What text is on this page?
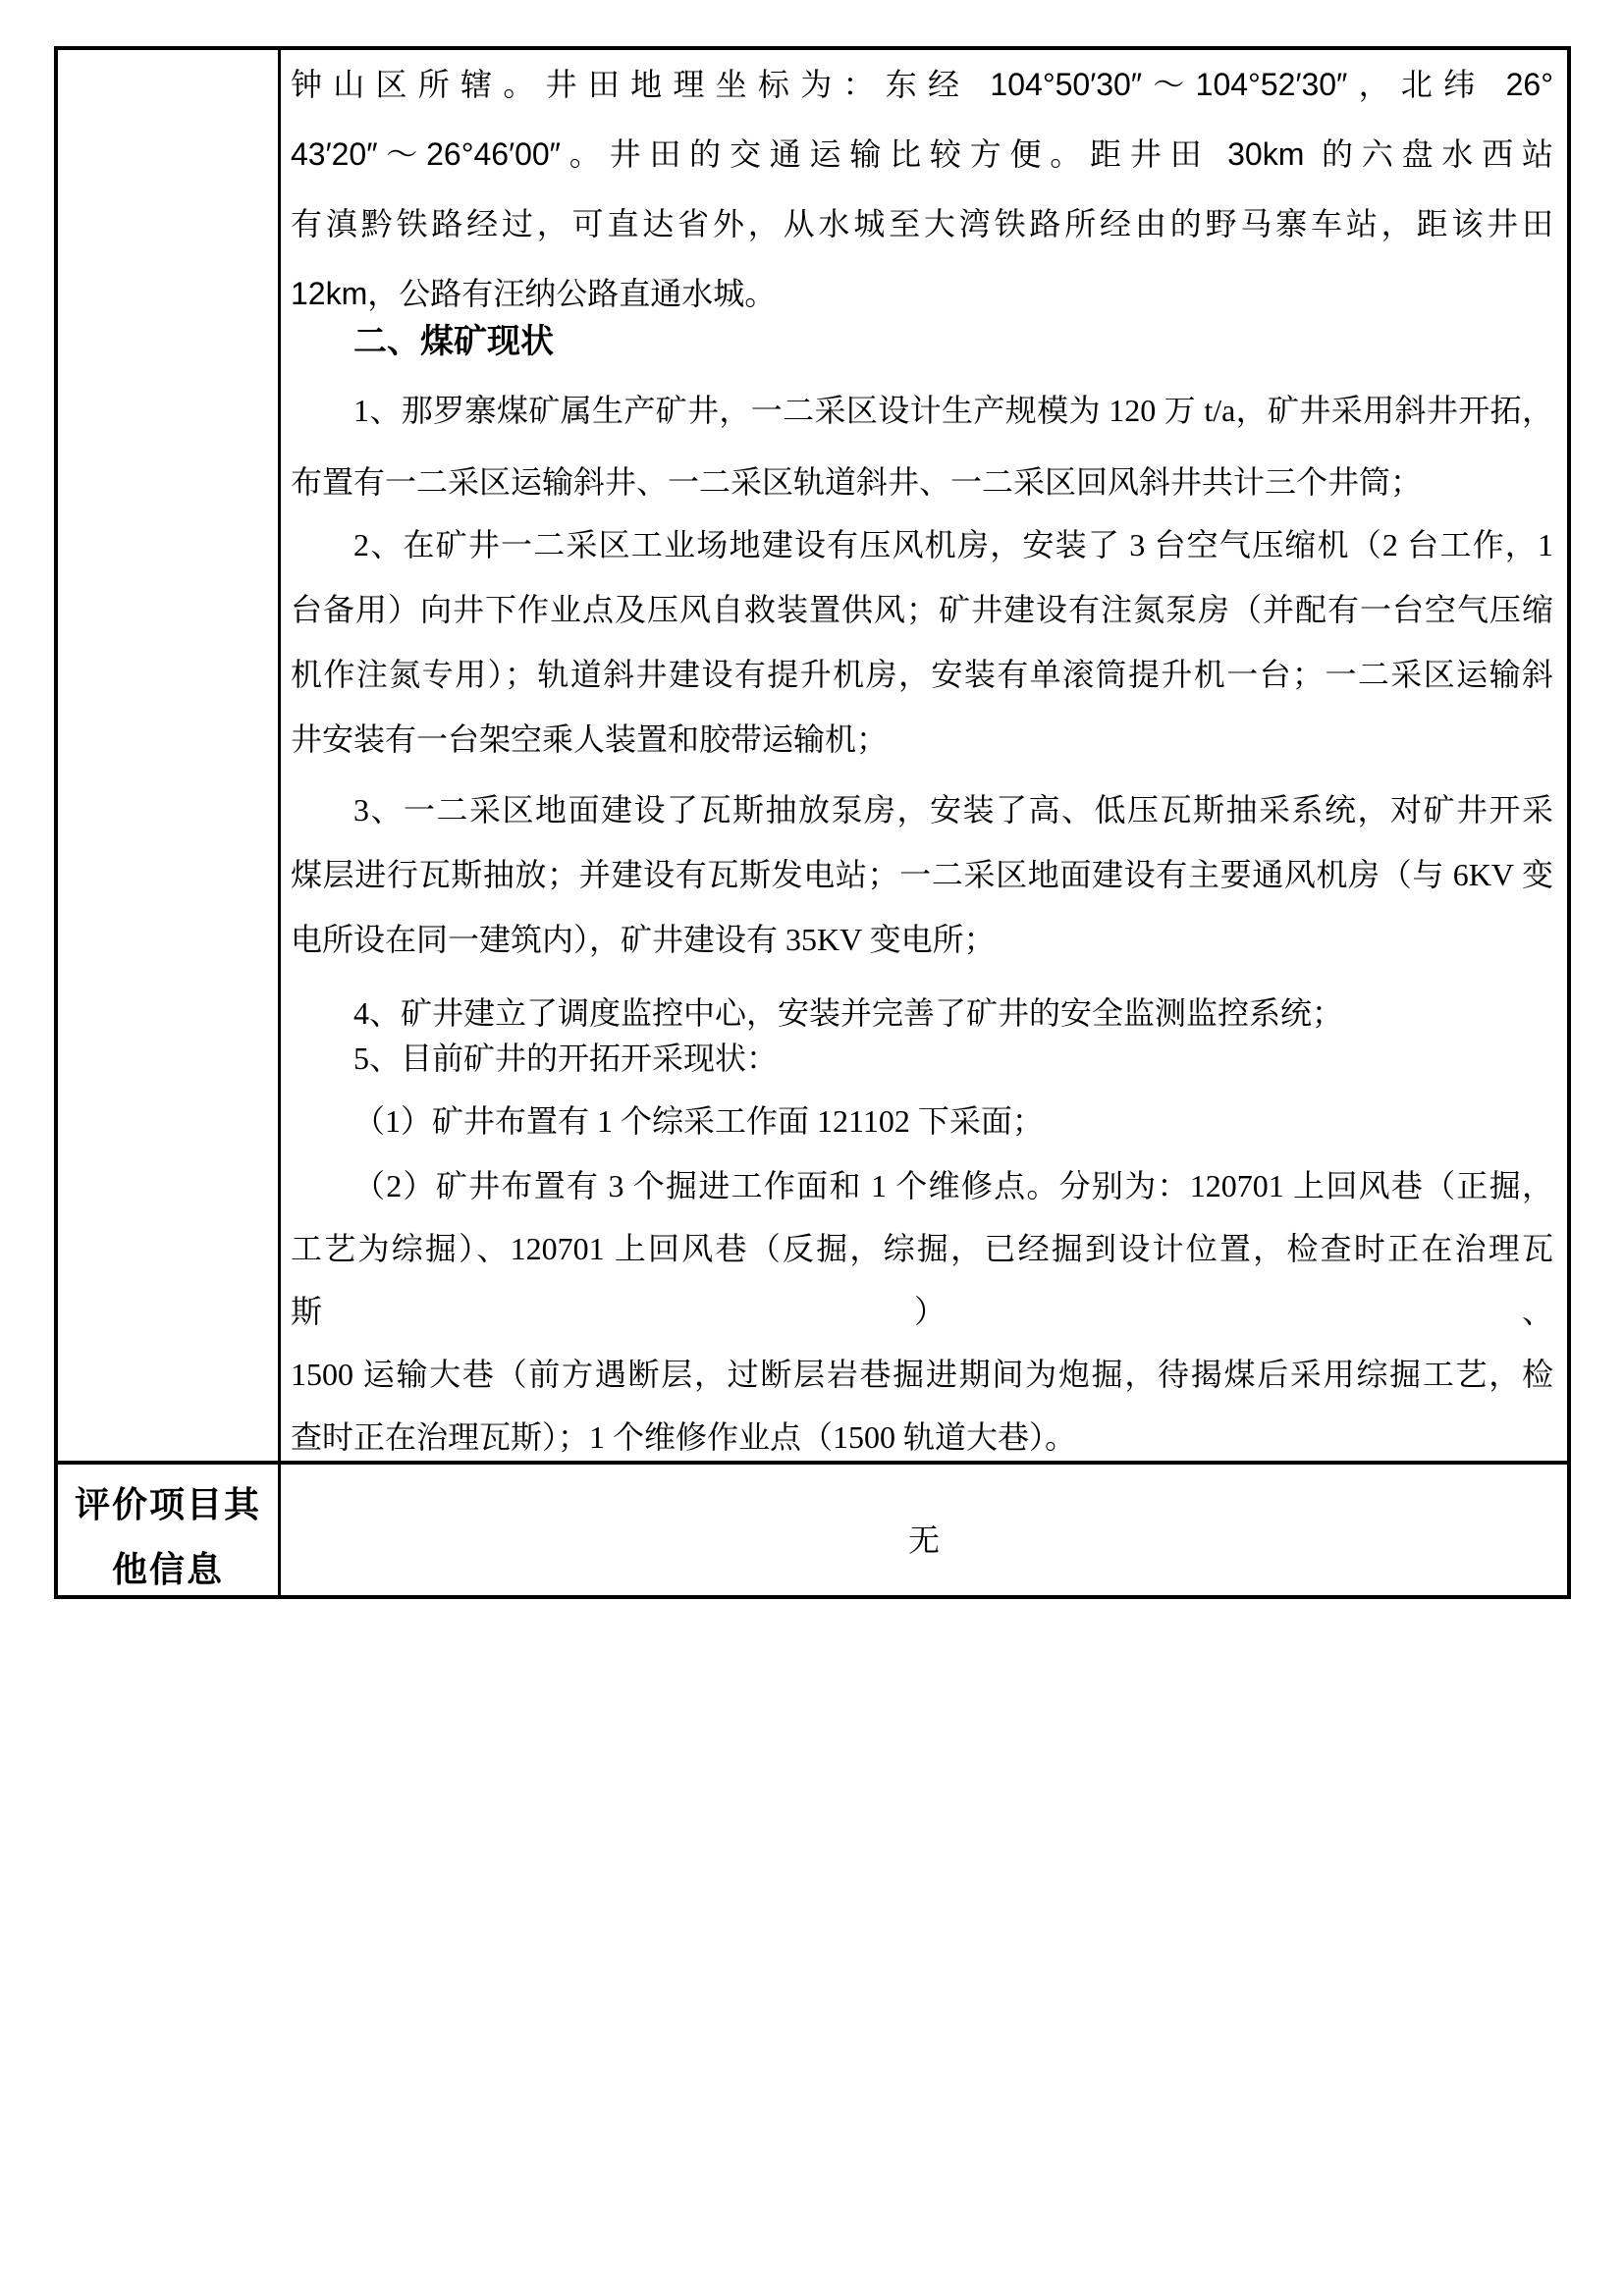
钟山区所辖。井田地理坐标为：东经 104°50′30″～104°52′30″，北纬 26°
43′20″～26°46′00″。井田的交通运输比较方便。距井田 30km 的六盘水西站
有滇黔铁路经过，可直达省外，从水城至大湾铁路所经由的野马寨车站，距该井田
12km，公路有汪纳公路直通水城。
二、煤矿现状
1、那罗寨煤矿属生产矿井，一二采区设计生产规模为 120 万 t/a，矿井采用斜井开拓，
布置有一二采区运输斜井、一二采区轨道斜井、一二采区回风斜井共计三个井筒；
2、在矿井一二采区工业场地建设有压风机房，安装了 3 台空气压缩机（2 台工作，1
台备用）向井下作业点及压风自救装置供风；矿井建设有注氮泵房（并配有一台空气压缩
机作注氮专用）；轨道斜井建设有提升机房，安装有单滚筒提升机一台；一二采区运输斜
井安装有一台架空乘人装置和胶带运输机；
3、一二采区地面建设了瓦斯抽放泵房，安装了高、低压瓦斯抽采系统，对矿井开采
煤层进行瓦斯抽放；并建设有瓦斯发电站；一二采区地面建设有主要通风机房（与 6KV 变
电所设在同一建筑内），矿井建设有 35KV 变电所；
4、矿井建立了调度监控中心，安装并完善了矿井的安全监测监控系统；
5、目前矿井的开拓开采现状：
（1）矿井布置有 1 个综采工作面 121102 下采面；
（2）矿井布置有 3 个掘进工作面和 1 个维修点。分别为：120701 上回风巷（正掘，
工艺为综掘）、120701 上回风巷（反掘，综掘，已经掘到设计位置，检查时正在治理瓦斯）、
1500 运输大巷（前方遇断层，过断层岩巷掘进期间为炮掘，待揭煤后采用综掘工艺，检
查时正在治理瓦斯）；1 个维修作业点（1500 轨道大巷）。
评价项目其
他信息
无
